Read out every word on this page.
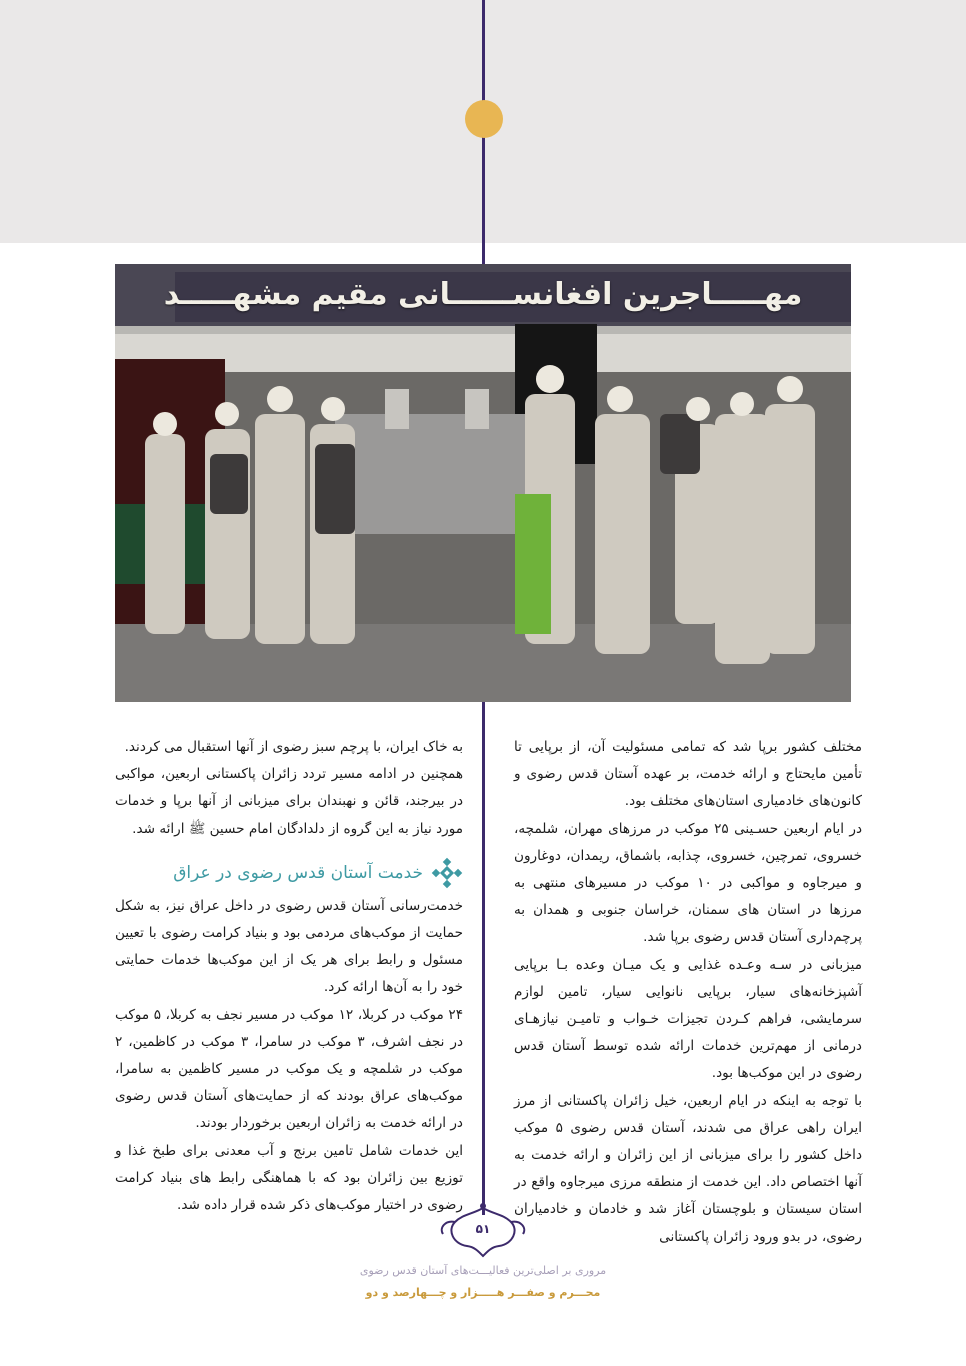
مهـــــاجرین افغانســــــانی مقیم مشهـــــد

مختلف کشور برپا شد که تمامی مسئولیت آن، از برپایی تا تأمین مایحتاج و ارائه خدمت، بر عهده آستان قدس رضوی و کانون‌های خادمیاری استان‌های مختلف بود.

در ایام اربعین حسـینی ۲۵ موکب در مرزهای مهران، شلمچه، خسروی، تمرچین، خسروی، چذابه، باشماق، ریمدان، دوغارون و میرجاوه و مواکبی در ۱۰ موکب در مسیرهای منتهی به مرزها در استان های سمنان، خراسان جنوبی و همدان به پرچم‌داری آستان قدس رضوی برپا شد.

میزبانی در سـه وعـده غذایی و یک میـان وعده بـا برپایی آشپزخانه‌های سیار، برپایی نانوایی سیار، تامین لوازم سرمایشی، فراهم کـردن تجیزات خـواب و تامیـن نیازهـای درمانی از مهم‌ترین خدمات ارائه شده توسط آستان قدس رضوی در این موکب‌ها بود.

با توجه به اینکه در ایام اربعین، خیل زائران پاکستانی از مرز ایران راهی عراق می شدند، آستان قدس رضوی ۵ موکب داخل کشور را برای میزبانی از این زائران و ارائه خدمت به آنها اختصاص داد. این خدمت از منطقه مرزی میرجاوه واقع در استان سیستان و بلوچستان آغاز شد و خادمان و خادمیاران رضوی، در بدو ورود زائران پاکستانی

به خاک ایران، با پرچم سبز رضوی از آنها استقبال می کردند.

همچنین در ادامه مسیر تردد زائران پاکستانی اربعین، مواکبی در بیرجند، قائن و نهبندان برای میزبانی از آنها برپا و خدمات مورد نیاز به این گروه از دلدادگان امام حسین ﷺ ارائه شد.

خدمت آستان قدس رضوی در عراق

خدمت‌رسانی آستان قدس رضوی در داخل عراق نیز، به شکل حمایت از موکب‌های مردمی بود و بنیاد کرامت رضوی با تعیین مسئول و رابط برای هر یک از این موکب‌ها خدمات حمایتی خود را به آن‌ها ارائه کرد.

۲۴ موکب در کربلا، ۱۲ موکب در مسیر نجف به کربلا، ۵ موکب در نجف اشرف، ۳ موکب در سامرا، ۳ موکب در کاظمین، ۲ موکب در شلمچه و یک موکب در مسیر کاظمین به سامرا، موکب‌های عراق بودند که از حمایت‌های آستان قدس رضوی در ارائه خدمت به زائران اربعین برخوردار بودند.

این خدمات شامل تامین برنج و آب معدنی برای طبخ غذا و توزیع بین زائران بود که با هماهنگی رابط های بنیاد کرامت رضوی در اختیار موکب‌های ذکر شده قرار داده شد.

۵۱
مروری بر اصلی‌ترین فعالیـــت‌های آستان قدس رضوی
محـــرم و صفـــر هـــــزار و چـــهارصد و دو
